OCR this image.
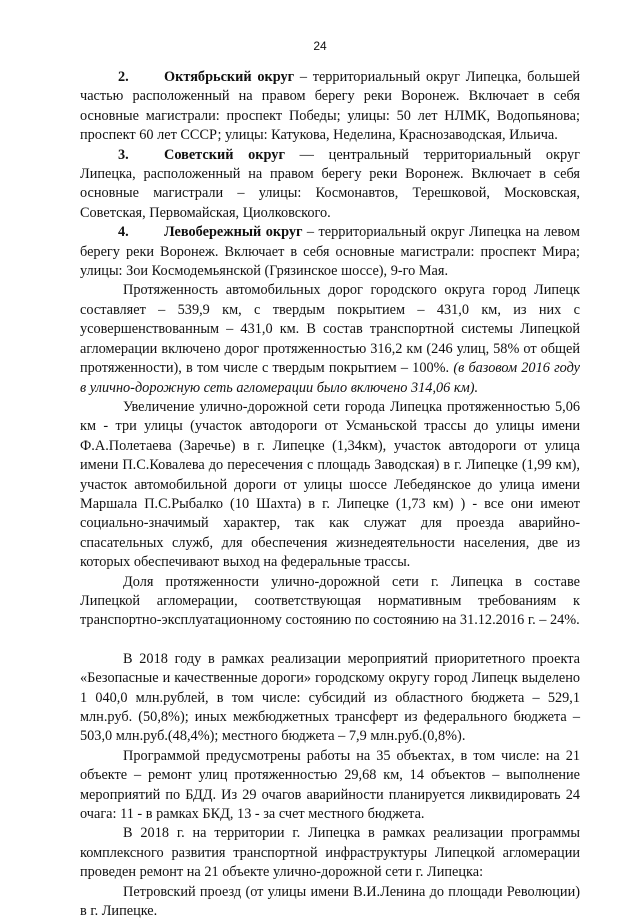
24

2. Октябрьский округ – территориальный округ Липецка, большей частью расположенный на правом берегу реки Воронеж. Включает в себя основные магистрали: проспект Победы; улицы: 50 лет НЛМК, Водопьянова; проспект 60 лет СССР; улицы: Катукова, Неделина, Краснозаводская, Ильича.

3. Советский округ — центральный территориальный округ Липецка, расположенный на правом берегу реки Воронеж. Включает в себя основные магистрали – улицы: Космонавтов, Терешковой, Московская, Советская, Первомайская, Циолковского.

4. Левобережный округ – территориальный округ Липецка на левом берегу реки Воронеж. Включает в себя основные магистрали: проспект Мира; улицы: Зои Космодемьянской (Грязинское шоссе), 9-го Мая.

Протяженность автомобильных дорог городского округа город Липецк составляет – 539,9 км, с твердым покрытием – 431,0 км, из них с усовершенствованным – 431,0 км. В состав транспортной системы Липецкой агломерации включено дорог протяженностью 316,2 км (246 улиц, 58% от общей протяженности), в том числе с твердым покрытием – 100%. (в базовом 2016 году в улично-дорожную сеть агломерации было включено 314,06 км).

Увеличение улично-дорожной сети города Липецка протяженностью 5,06 км - три улицы (участок автодороги от Усманьской трассы до улицы имени Ф.А.Полетаева (Заречье) в г. Липецке (1,34км), участок автодороги от улица имени П.С.Ковалева до пересечения с площадь Заводская) в г. Липецке (1,99 км), участок автомобильной дороги от улицы шоссе Лебедянское до улица имени Маршала П.С.Рыбалко (10 Шахта) в г. Липецке (1,73 км) ) - все они имеют социально-значимый характер, так как служат для проезда аварийно-спасательных служб, для обеспечения жизнедеятельности населения, две из которых обеспечивают выход на федеральные трассы.

Доля протяженности улично-дорожной сети г. Липецка в составе Липецкой агломерации, соответствующая нормативным требованиям к транспортно-эксплуатационному состоянию по состоянию на 31.12.2016 г. – 24%.

В 2018 году в рамках реализации мероприятий приоритетного проекта «Безопасные и качественные дороги» городскому округу город Липецк выделено 1 040,0 млн.рублей, в том числе: субсидий из областного бюджета – 529,1 млн.руб. (50,8%); иных межбюджетных трансферт из федерального бюджета – 503,0 млн.руб.(48,4%); местного бюджета – 7,9 млн.руб.(0,8%).

Программой предусмотрены работы на 35 объектах, в том числе: на 21 объекте – ремонт улиц протяженностью 29,68 км, 14 объектов – выполнение мероприятий по БДД. Из 29 очагов аварийности планируется ликвидировать 24 очага: 11 - в рамках БКД, 13 - за счет местного бюджета.

В 2018 г. на территории г. Липецка в рамках реализации программы комплексного развития транспортной инфраструктуры Липецкой агломерации проведен ремонт на 21 объекте улично-дорожной сети г. Липецка:

Петровский проезд (от улицы имени В.И.Ленина до площади Революции) в г. Липецке.
